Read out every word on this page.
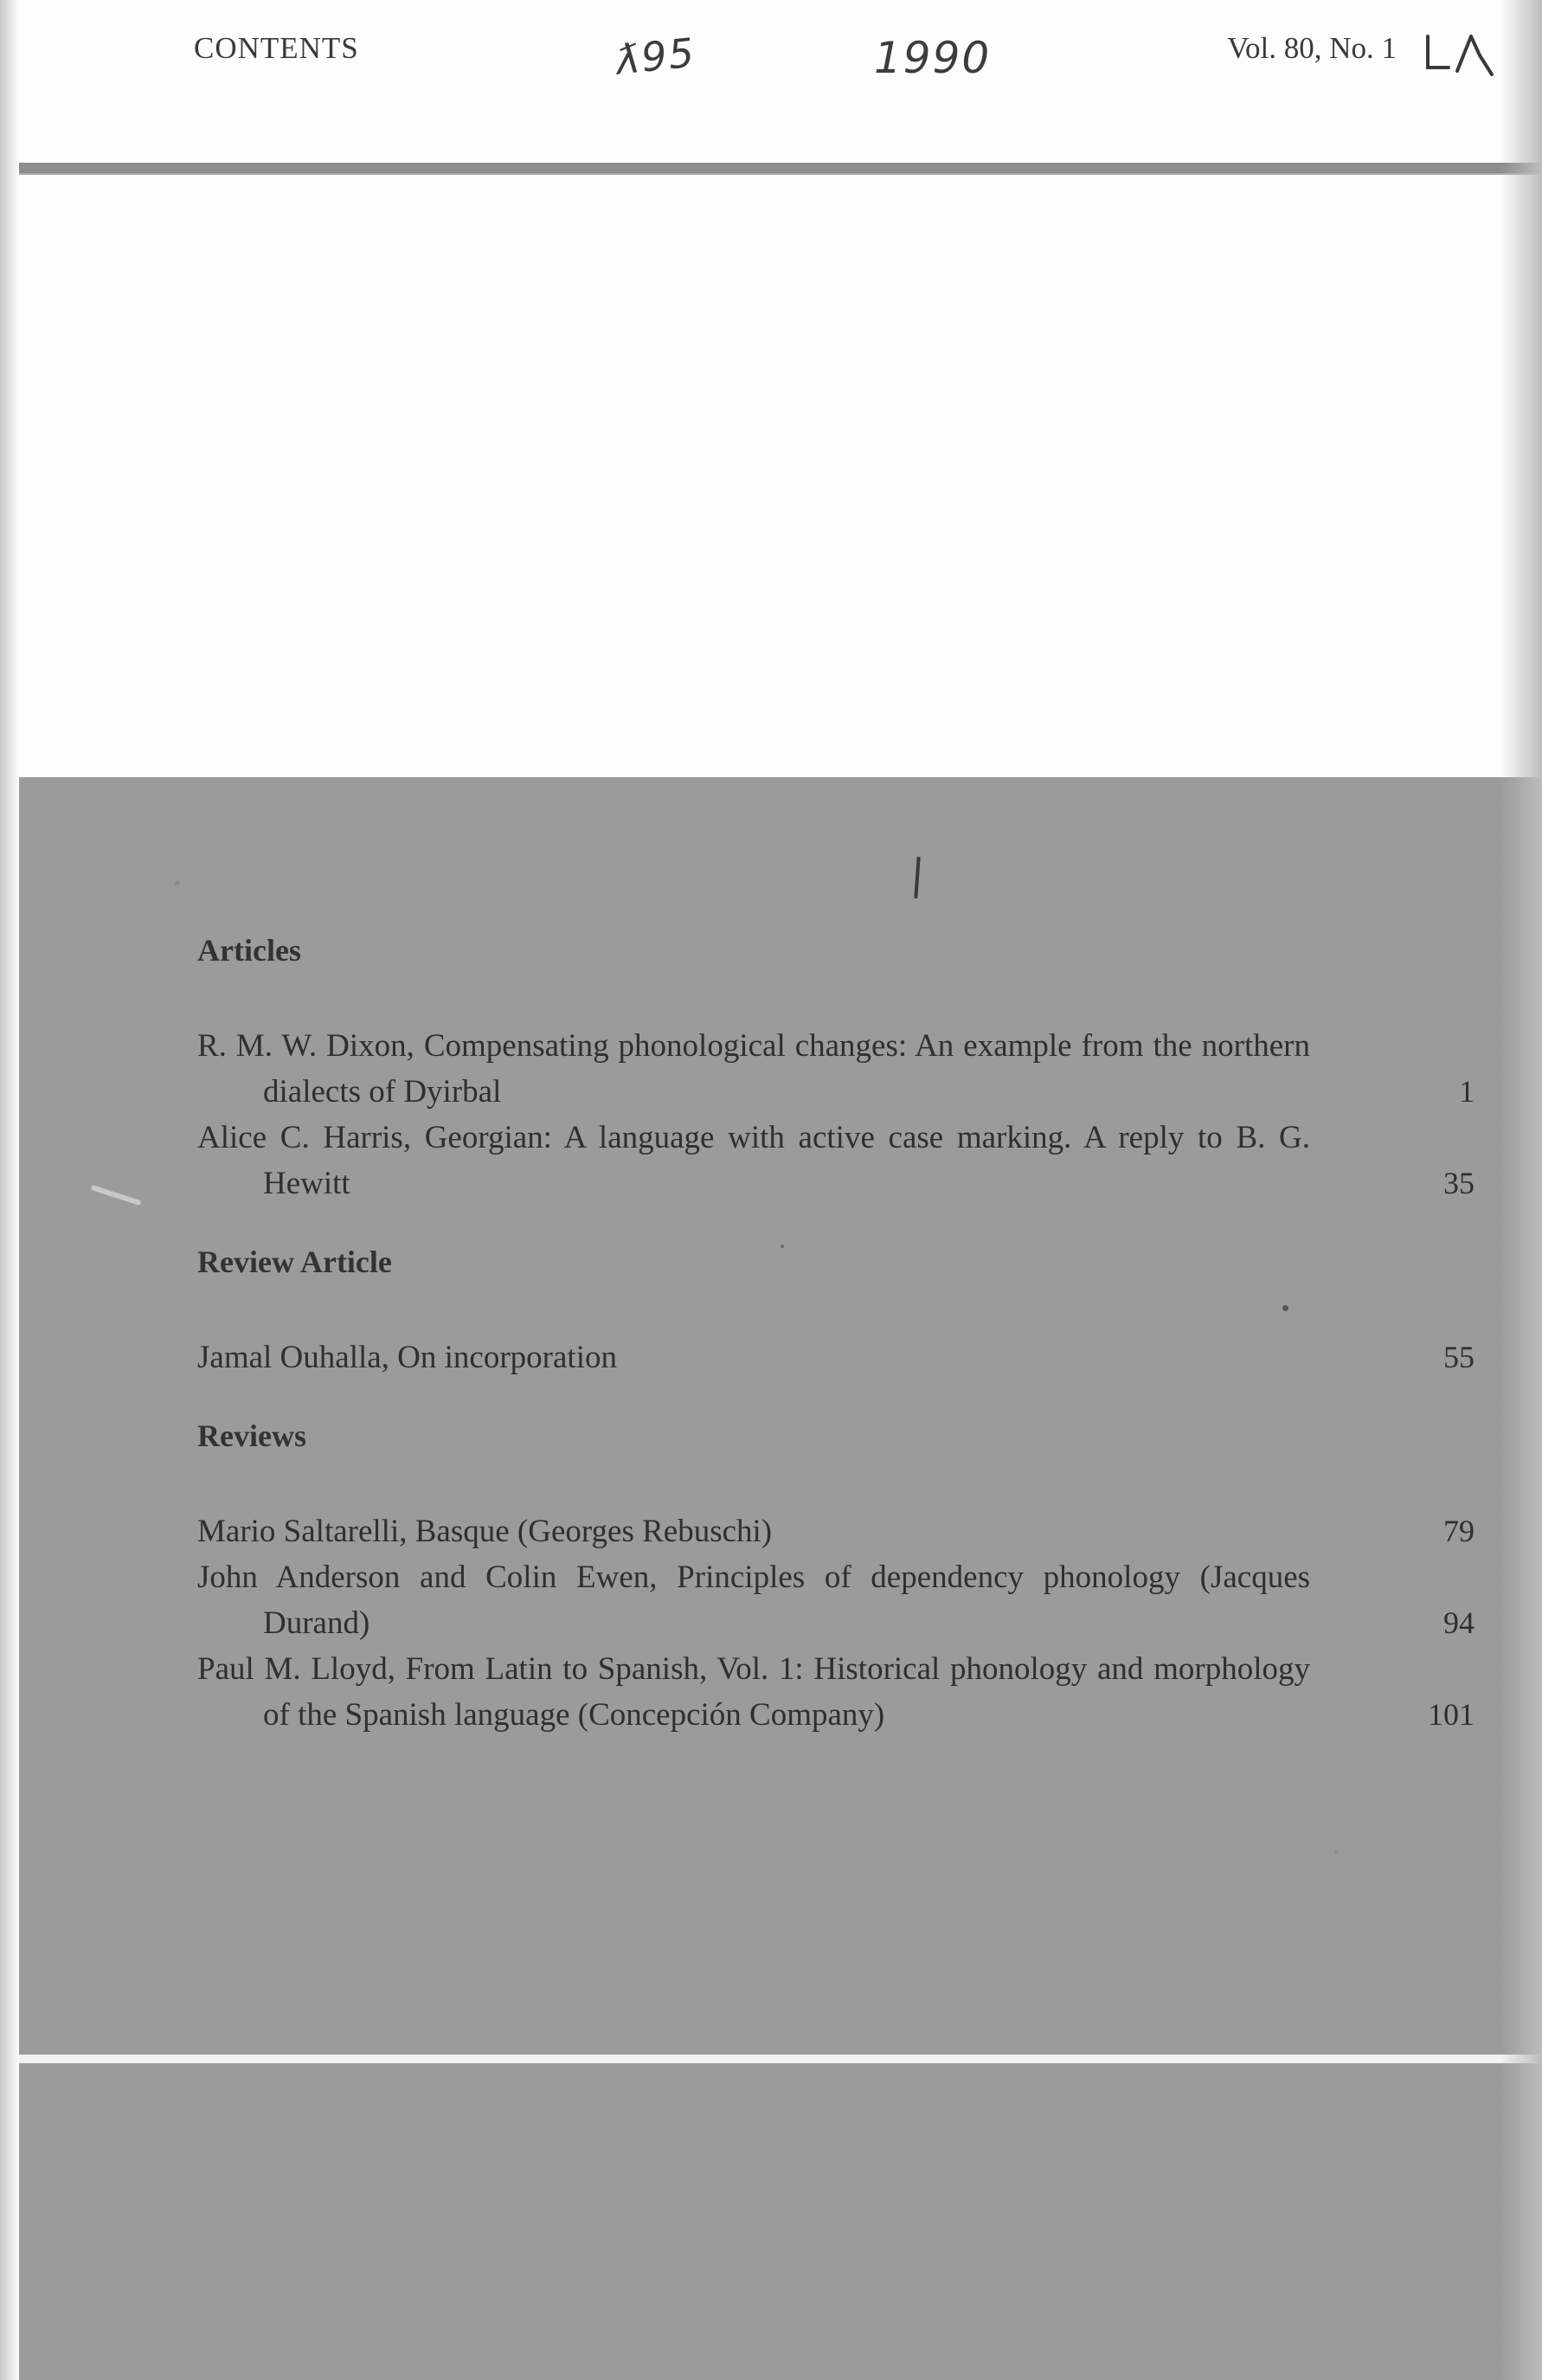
CONTENTS	ƛ95	1990	Vol. 80, No. 1
Articles
R. M. W. Dixon, Compensating phonological changes: An example from the northern dialects of Dyirbal	1
Alice C. Harris, Georgian: A language with active case marking. A reply to B. G. Hewitt	35
Review Article
Jamal Ouhalla, On incorporation	55
Reviews
Mario Saltarelli, Basque (Georges Rebuschi)	79
John Anderson and Colin Ewen, Principles of dependency phonology (Jacques Durand)	94
Paul M. Lloyd, From Latin to Spanish, Vol. 1: Historical phonology and morphology of the Spanish language (Concepción Company)	101
